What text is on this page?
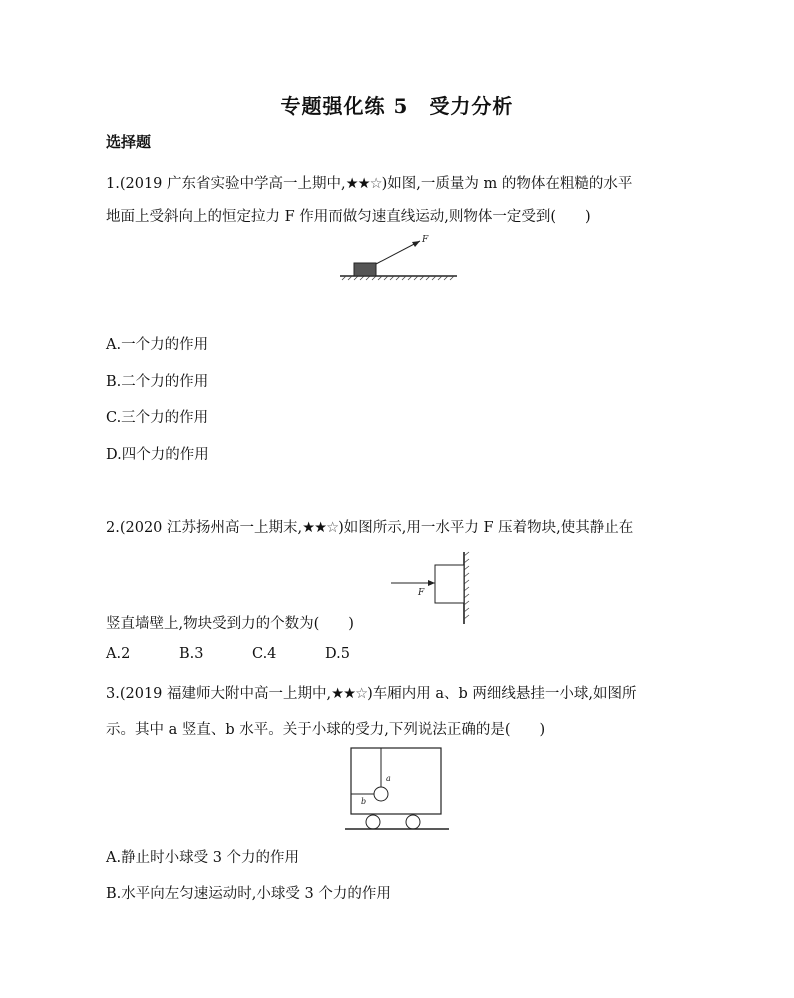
专题强化练 5　受力分析
选择题
1.(2019 广东省实验中学高一上期中,★★☆)如图,一质量为 m 的物体在粗糙的水平
地面上受斜向上的恒定拉力 F 作用而做匀速直线运动,则物体一定受到(　　)
F
A.一个力的作用
B.二个力的作用
C.三个力的作用
D.四个力的作用
2.(2020 江苏扬州高一上期末,★★☆)如图所示,用一水平力 F 压着物块,使其静止在
F
竖直墙壁上,物块受到力的个数为(　　)
A.2	B.3	C.4	D.5
3.(2019 福建师大附中高一上期中,★★☆)车厢内用 a、b 两细线悬挂一小球,如图所
示。其中 a 竖直、b 水平。关于小球的受力,下列说法正确的是(　　)
a
b
A.静止时小球受 3 个力的作用
B.水平向左匀速运动时,小球受 3 个力的作用
